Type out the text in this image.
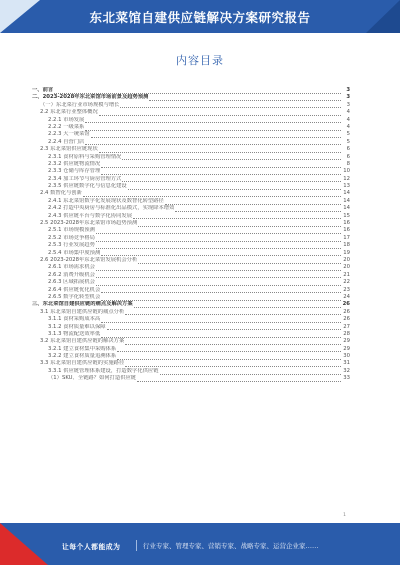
东北菜馆自建供应链解决方案研究报告
内容目录
一、前言	3
二、2023-2028年东北菜馆市场前景及趋势预测	3
（一）东北菜行业市场规模与增长	3
2.2 东北菜行业整体概况	4
2.2.1 市场发展	4
2.2.2 一级菜系	4
2.2.3 大一统菜馆	5
2.2.4 自营门店	5
2.3 东北菜馆供应链现状	6
2.3.1 食材原料与采购管理情况	6
2.3.2 供应链物流情况	8
2.3.3 仓储与库存管理	10
2.3.4 加工环节与厨房管理方式	12
2.3.5 供应链数字化与信息化建设	13
2.4 数智化与创新	14
2.4.1 东北菜馆数字化发展现状及数智化转型路径	14
2.4.2 打造中央厨房与标准化出品模式，实现降本增效	14
2.4.3 供应链平台与数字化协同发展	15
2.5 2023-2028年东北菜馆市场趋势预测	16
2.5.1 市场规模预测	16
2.5.2 市场竞争格局	17
2.5.3 行业发展趋势	18
2.5.4 市场集中度预测	19
2.6 2023-2028年东北菜馆发展机会分析	20
2.6.1 市场需求机会	20
2.6.2 消费升级机会	21
2.6.3 区域拓展机会	22
2.6.4 供应链优化机会	23
2.6.5 数字化转型机会	24
三、东北菜馆自建供应链的痛点及解决方案	26
3.1 东北菜馆自建供应链的痛点分析	26
3.1.1 食材采购成本高	26
3.1.2 食材质量难以保障	27
3.1.3 物流配送效率低	28
3.2 东北菜馆自建供应链的解决方案	29
3.2.1 建立食材集中采购体系	29
3.2.2 建立食材质量追溯体系	30
3.3 东北菜馆自建供应链的实施路径	31
3.3.1 供应链管理体系建设，打造数字化供应链	32
（1）SKU、全链路？如何打造供应链	33
1
让每个人都能成为	行业专家、管理专家、营销专家、战略专家、运营企业家……
